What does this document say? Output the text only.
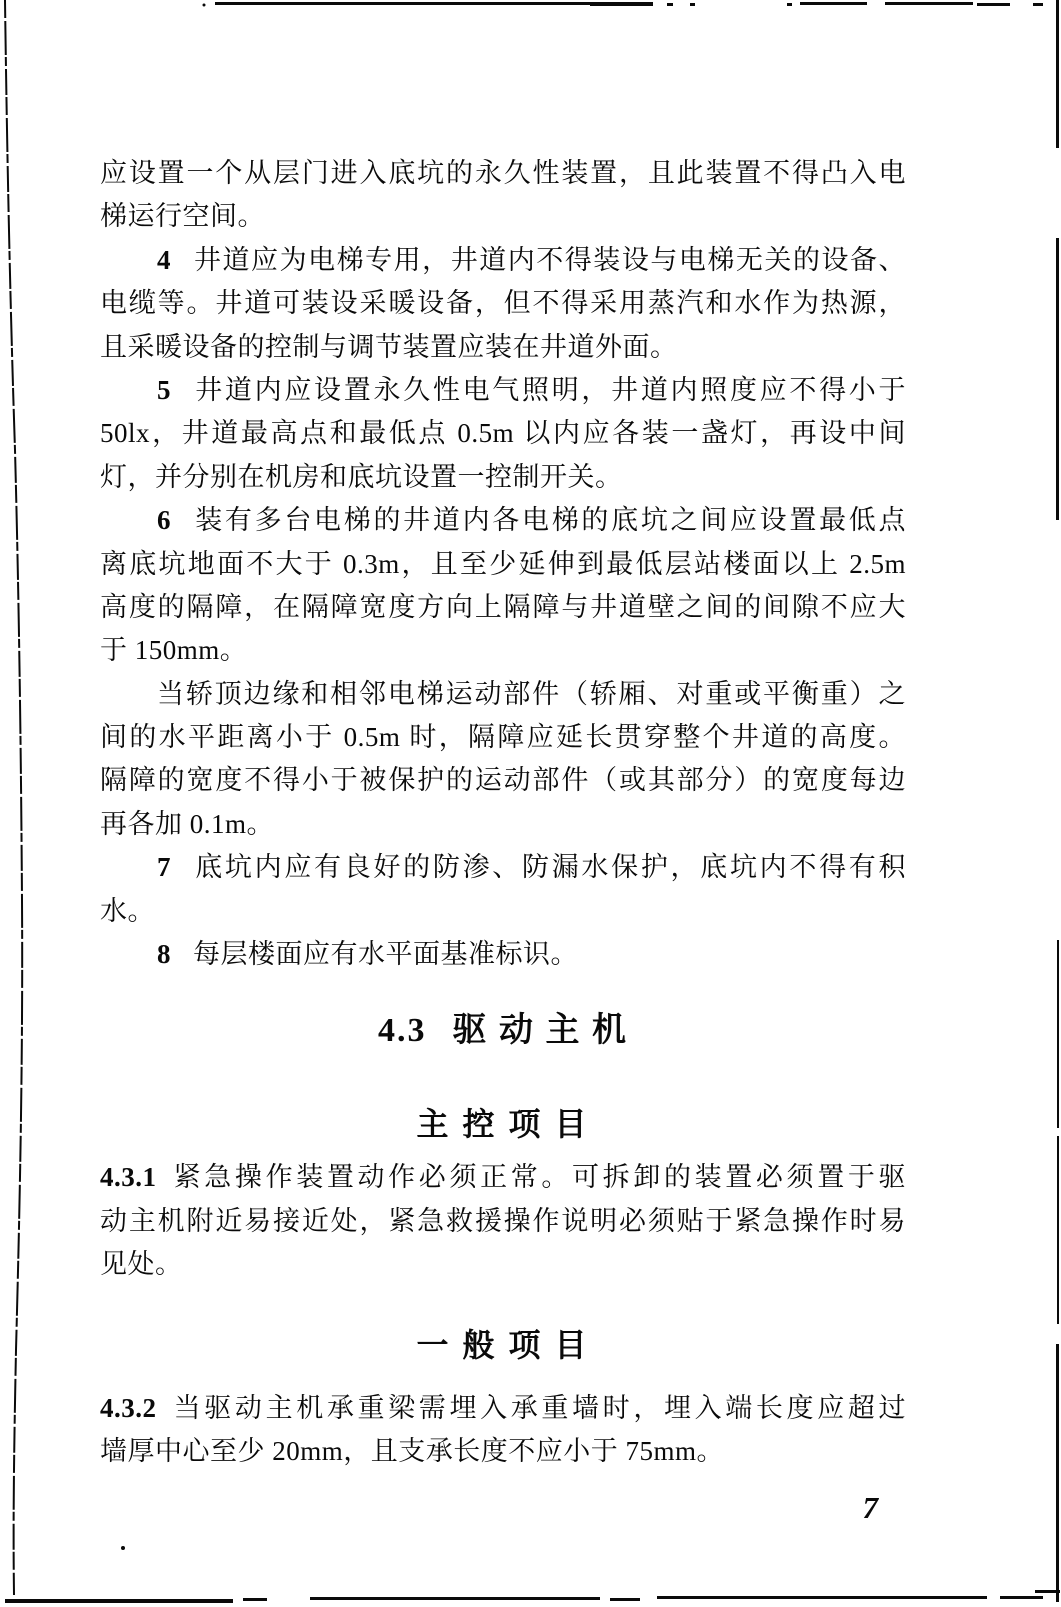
应设置一个从层门进入底坑的永久性装置，且此装置不得凸入电
梯运行空间。
4 井道应为电梯专用，井道内不得装设与电梯无关的设备、
电缆等。井道可装设采暖设备，但不得采用蒸汽和水作为热源，
且采暖设备的控制与调节装置应装在井道外面。
5 井道内应设置永久性电气照明，井道内照度应不得小于
50lx，井道最高点和最低点 0.5m 以内应各装一盏灯，再设中间
灯，并分别在机房和底坑设置一控制开关。
6 装有多台电梯的井道内各电梯的底坑之间应设置最低点
离底坑地面不大于 0.3m，且至少延伸到最低层站楼面以上 2.5m
高度的隔障，在隔障宽度方向上隔障与井道壁之间的间隙不应大
于 150mm。
当轿顶边缘和相邻电梯运动部件（轿厢、对重或平衡重）之
间的水平距离小于 0.5m 时，隔障应延长贯穿整个井道的高度。
隔障的宽度不得小于被保护的运动部件（或其部分）的宽度每边
再各加 0.1m。
7 底坑内应有良好的防渗、防漏水保护，底坑内不得有积
水。
8 每层楼面应有水平面基准标识。
4.3 驱 动 主 机
主 控 项 目
4.3.1 紧急操作装置动作必须正常。可拆卸的装置必须置于驱
动主机附近易接近处，紧急救援操作说明必须贴于紧急操作时易
见处。
一 般 项 目
4.3.2 当驱动主机承重梁需埋入承重墙时，埋入端长度应超过
墙厚中心至少 20mm，且支承长度不应小于 75mm。
7
